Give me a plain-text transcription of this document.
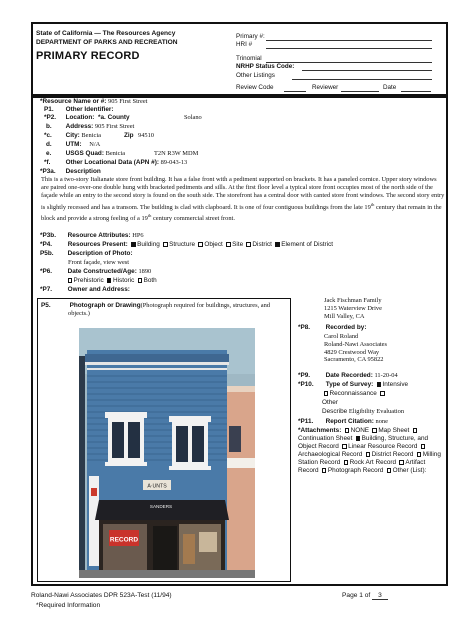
State of California — The Resources Agency
DEPARTMENT OF PARKS AND RECREATION
PRIMARY RECORD
Primary #:
HRI #
Trinomial
NRHP Status Code:
Other Listings
Review Code	Reviewer	Date
*Resource Name or #: 905 First Street
P1. Other Identifier:
*P2. Location: *a. County	Solano
b. Address: 905 First Street
*c. City: Benicia	Zip 94510
d. UTM: N/A
e. USGS Quad: Benicia	T2N R3W MDM
*f. Other Locational Data (APN #): 89-043-13
*P3a. Description
This is a two-story Italianate store front building. It has a false front with a pediment supported on brackets. It has a paneled cornice. Upper story windows are paired one-over-one double hung with bracketed pediments and sills. At the first floor level a typical store front occupies most of the north side of the façade while an entry to the second story is found on the south side. The storefront has a central door with canted store front windows. The second story entry is slightly recessed and has a transom. The building is clad with clapboard. It is one of four contiguous buildings from the late 19th century that remain in the block and provide a strong feeling of a 19th century commercial street front.
*P3b. Resource Attributes: HP6
*P4. Resources Present: Building Structure Object Site District Element of District
P5b. Description of Photo:
Front façade, view west
*P6. Date Constructed/Age: 1890
Prehistoric Historic Both
*P7. Owner and Address:
P5.	Photograph or Drawing (Photograph required for buildings, structures, and objects.)
A·UNTS
SANDERS
RECORD
Jack Fischman Family
1215 Waterview Drive
Mill Valley, CA
*P8. Recorded by:
Carol Roland
Roland-Nawi Associates
4829 Crestwood Way
Sacramento, CA 95822
*P9. Date Recorded: 11-20-04
*P10. Type of Survey: Intensive
Reconnaissance
Other
Describe Eligibility Evaluation
*P11. Report Citation: none
*Attachments: NONE Map Sheet Continuation Sheet Building, Structure, and Object Record Linear Resource Record Archaeological Record District Record Milling Station Record Rock Art Record Artifact Record Photograph Record Other (List):
Roland-Nawi Associates DPR 523A-Test (11/94)
*Required Information
Page 1 of 3
